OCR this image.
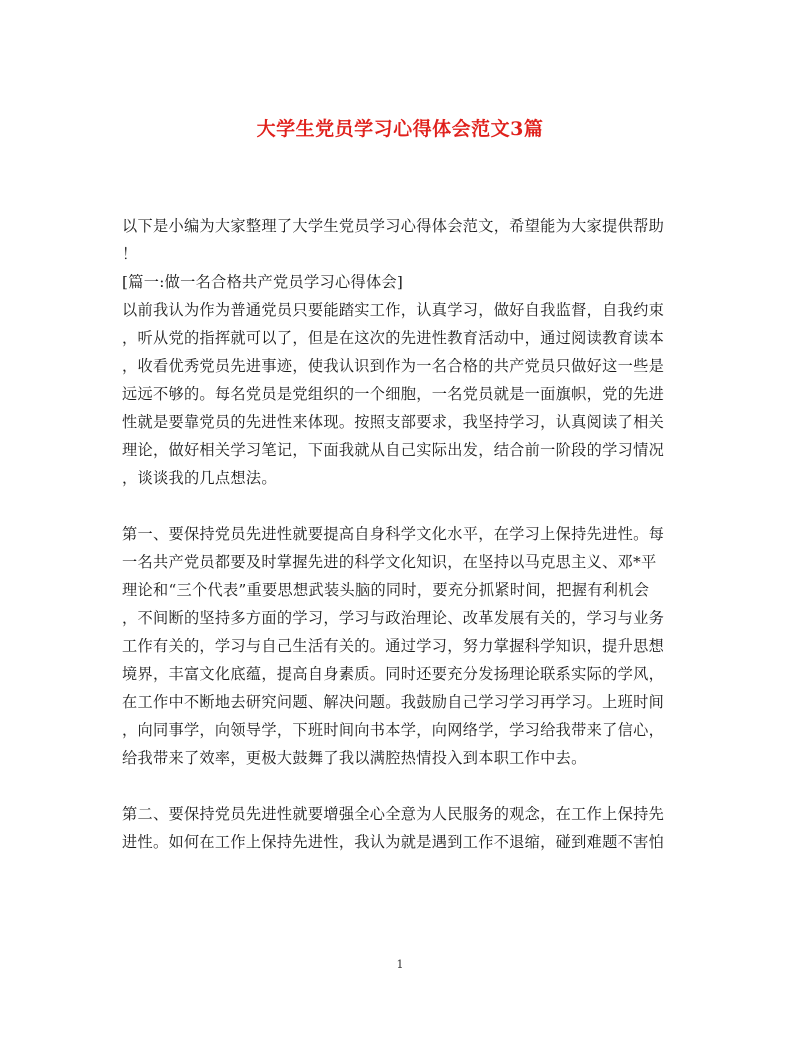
大学生党员学习心得体会范文3篇
以下是小编为大家整理了大学生党员学习心得体会范文，希望能为大家提供帮助
！
[篇一:做一名合格共产党员学习心得体会]
以前我认为作为普通党员只要能踏实工作，认真学习，做好自我监督，自我约束
，听从党的指挥就可以了，但是在这次的先进性教育活动中，通过阅读教育读本
，收看优秀党员先进事迹，使我认识到作为一名合格的共产党员只做好这一些是
远远不够的。每名党员是党组织的一个细胞，一名党员就是一面旗帜，党的先进
性就是要靠党员的先进性来体现。按照支部要求，我坚持学习，认真阅读了相关
理论，做好相关学习笔记，下面我就从自己实际出发，结合前一阶段的学习情况
，谈谈我的几点想法。
第一、要保持党员先进性就要提高自身科学文化水平，在学习上保持先进性。每
一名共产党员都要及时掌握先进的科学文化知识，在坚持以马克思主义、邓*平
理论和“三个代表”重要思想武装头脑的同时，要充分抓紧时间，把握有利机会
，不间断的坚持多方面的学习，学习与政治理论、改革发展有关的，学习与业务
工作有关的，学习与自己生活有关的。通过学习，努力掌握科学知识，提升思想
境界，丰富文化底蕴，提高自身素质。同时还要充分发扬理论联系实际的学风，
在工作中不断地去研究问题、解决问题。我鼓励自己学习学习再学习。上班时间
，向同事学，向领导学，下班时间向书本学，向网络学，学习给我带来了信心，
给我带来了效率，更极大鼓舞了我以满腔热情投入到本职工作中去。
第二、要保持党员先进性就要增强全心全意为人民服务的观念，在工作上保持先
进性。如何在工作上保持先进性，我认为就是遇到工作不退缩，碰到难题不害怕
1
